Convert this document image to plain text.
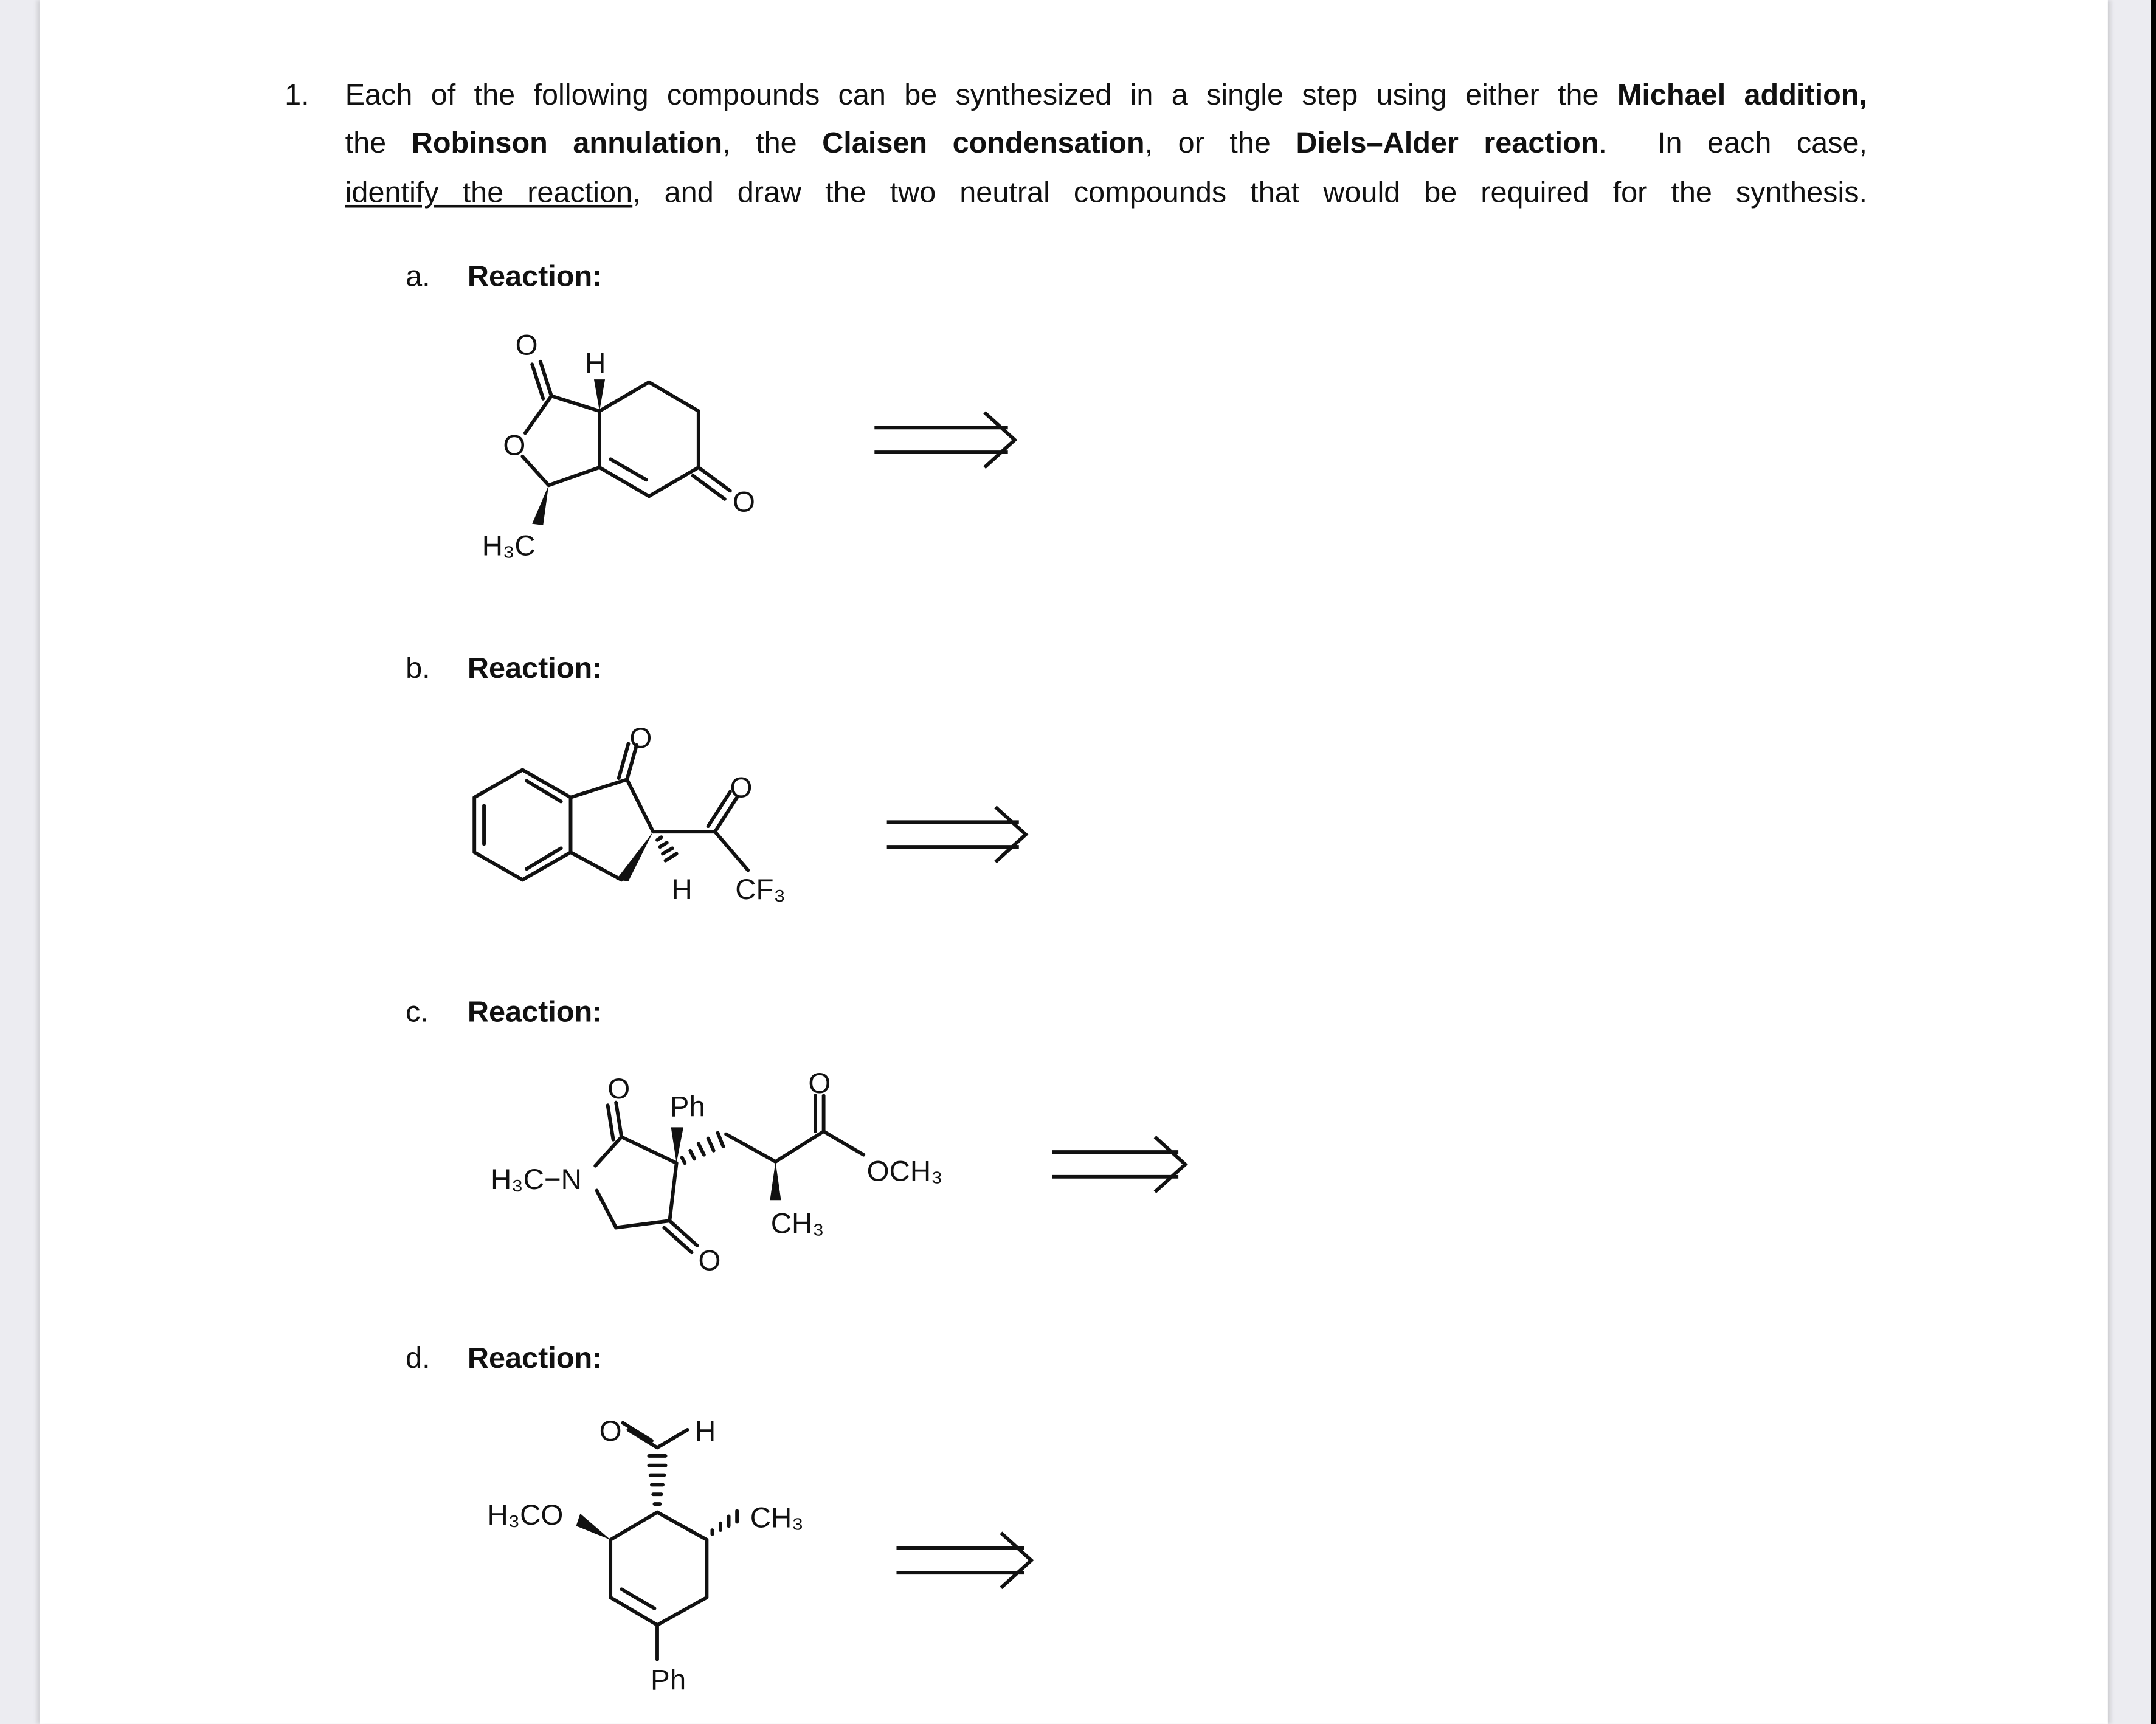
1.	Each of the following compounds can be synthesized in a single step using either the Michael addition,
the Robinson annulation, the Claisen condensation, or the Diels–Alder reaction.  In each case,
identify the reaction, and draw the two neutral compounds that would be required for the synthesis.
a.	Reaction:
b.	Reaction:
c.	Reaction:
d.	Reaction:
O
H
O
O
H₃C
O
O
H	CF₃
O
Ph
O
O
H₃C−N	OCH₃
CH₃
O	H
H₃CO	CH₃
Ph
